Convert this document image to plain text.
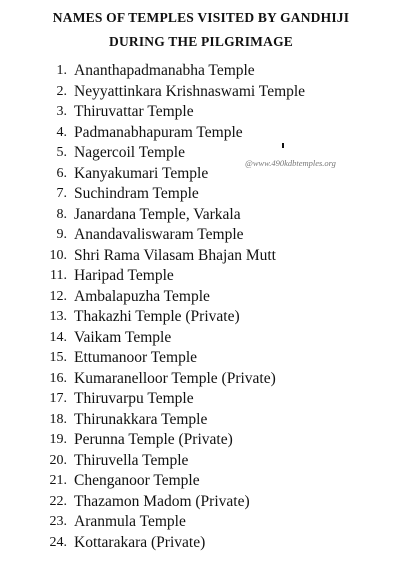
NAMES OF TEMPLES VISITED BY GANDHIJI
DURING THE PILGRIMAGE
1. Ananthapadmanabha Temple
2. Neyyattinkara Krishnaswami Temple
3. Thiruvattar Temple
4. Padmanabhapuram Temple
5. Nagercoil Temple
6. Kanyakumari Temple
7. Suchindram Temple
8. Janardana Temple, Varkala
9. Anandavaliswaram Temple
10. Shri Rama Vilasam Bhajan Mutt
11. Haripad Temple
12. Ambalapuzha Temple
13. Thakazhi Temple (Private)
14. Vaikam Temple
15. Ettumanoor Temple
16. Kumaranelloor Temple (Private)
17. Thiruvarpu Temple
18. Thirunakkara Temple
19. Perunna Temple (Private)
20. Thiruvella Temple
21. Chenganoor Temple
22. Thazamon Madom (Private)
23. Aranmula Temple
24. Kottarakara (Private)
@www.490kdbtemples.org
